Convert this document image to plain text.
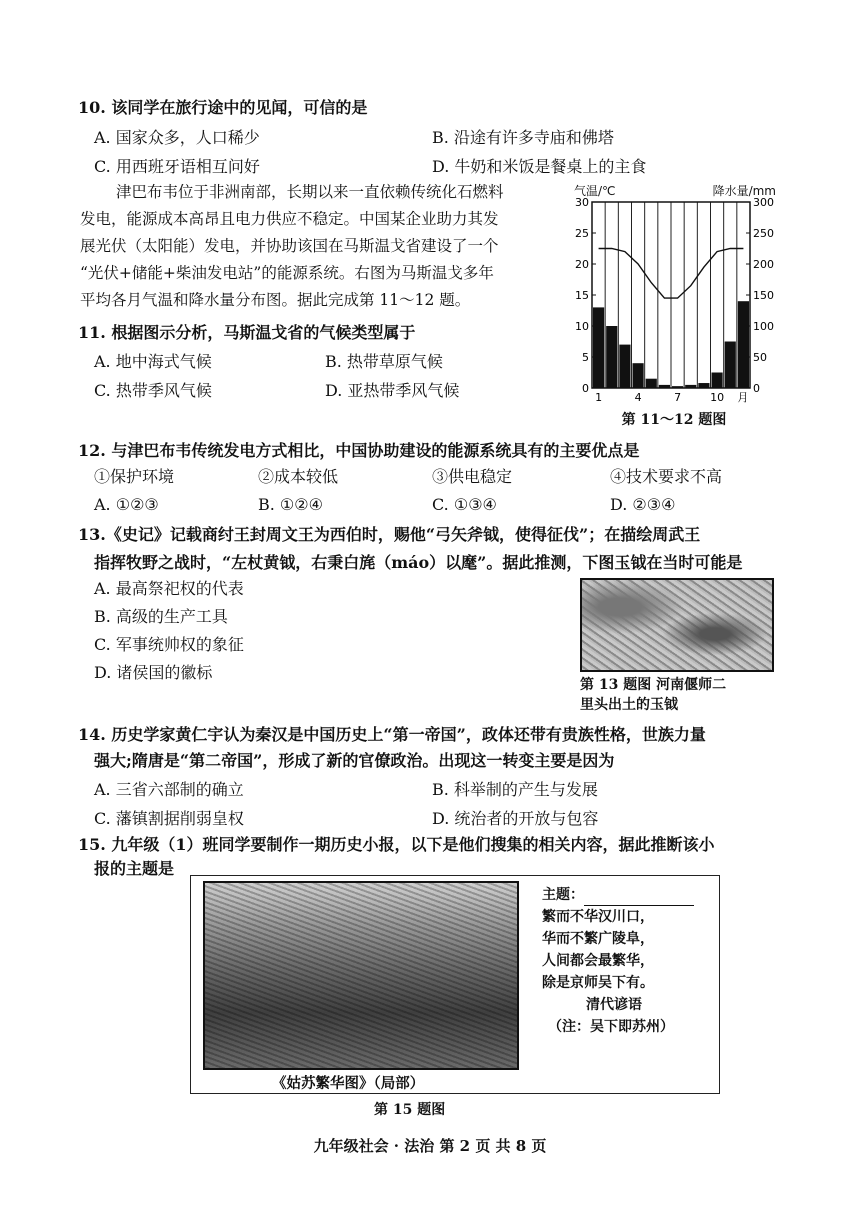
10. 该同学在旅行途中的见闻，可信的是
A. 国家众多，人口稀少	B. 沿途有许多寺庙和佛塔
C. 用西班牙语相互问好	D. 牛奶和米饭是餐桌上的主食
津巴布韦位于非洲南部，长期以来一直依赖传统化石燃料
发电，能源成本高昂且电力供应不稳定。中国某企业助力其发
展光伏（太阳能）发电，并协助该国在马斯温戈省建设了一个
“光伏+储能+柴油发电站”的能源系统。右图为马斯温戈多年
平均各月气温和降水量分布图。据此完成第 11～12 题。
11. 根据图示分析，马斯温戈省的气候类型属于
A. 地中海式气候	B. 热带草原气候
C. 热带季风气候	D. 亚热带季风气候
气温/℃	降水量/mm
0
5
10
15
20
25
30
0
50
100
150
200
250
300
1	4	7	10 月
第 11～12 题图
12. 与津巴布韦传统发电方式相比，中国协助建设的能源系统具有的主要优点是
①保护环境	②成本较低	③供电稳定	④技术要求不高
A. ①②③	B. ①②④	C. ①③④	D. ②③④
13.《史记》记载商纣王封周文王为西伯时，赐他“弓矢斧钺，使得征伐”；在描绘周武王
指挥牧野之战时，“左杖黄钺，右秉白旄（máo）以麾”。据此推测，下图玉钺在当时可能是
A. 最高祭祀权的代表
B. 高级的生产工具
C. 军事统帅权的象征
D. 诸侯国的徽标
第 13 题图 河南偃师二
里头出土的玉钺
14. 历史学家黄仁宇认为秦汉是中国历史上“第一帝国”，政体还带有贵族性格，世族力量
强大;隋唐是“第二帝国”，形成了新的官僚政治。出现这一转变主要是因为
A. 三省六部制的确立	B. 科举制的产生与发展
C. 藩镇割据削弱皇权	D. 统治者的开放与包容
15. 九年级（1）班同学要制作一期历史小报，以下是他们搜集的相关内容，据此推断该小
报的主题是
《姑苏繁华图》（局部）
主题：
繁而不华汉川口，
华而不繁广陵阜，
人间都会最繁华，
除是京师吴下有。
清代谚语
（注：吴下即苏州）
第 15 题图
九年级社会 · 法治 第 2 页 共 8 页
